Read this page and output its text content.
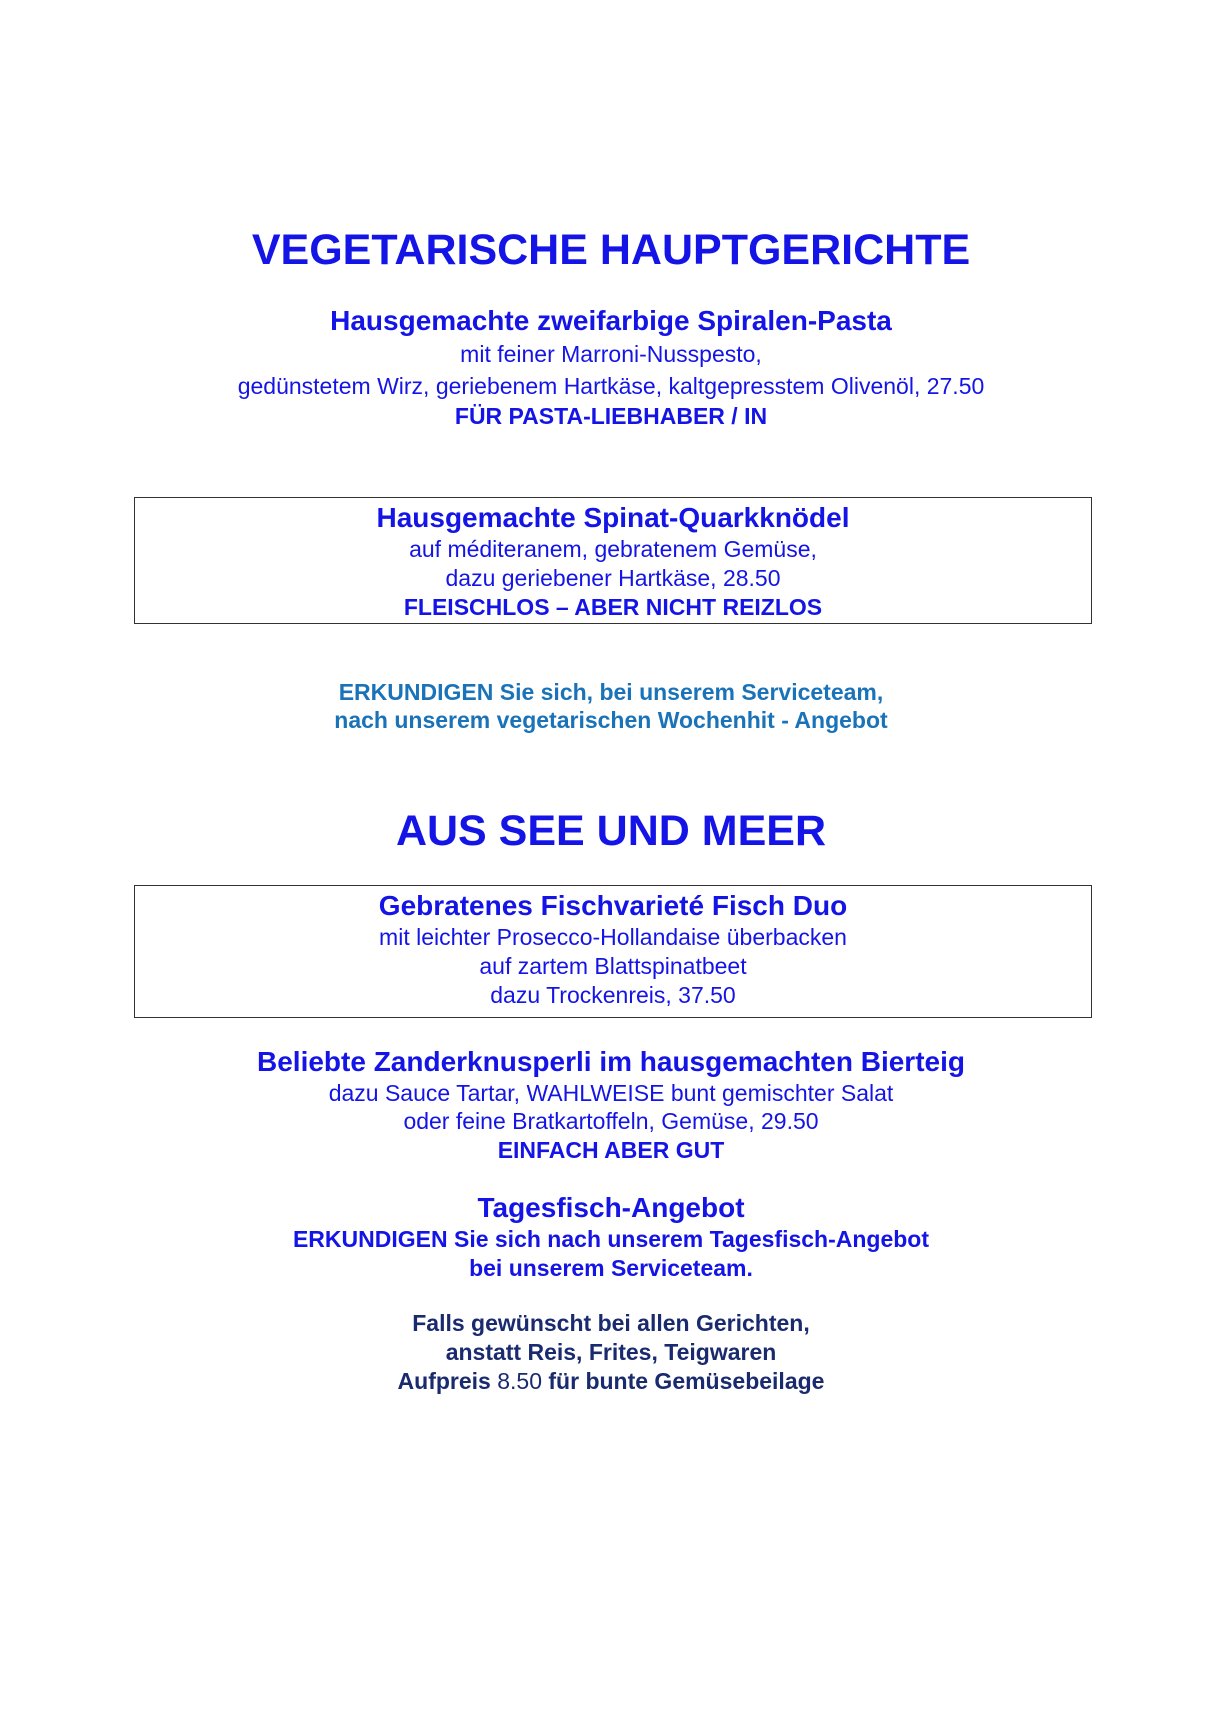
VEGETARISCHE HAUPTGERICHTE
Hausgemachte zweifarbige Spiralen-Pasta
mit feiner Marroni-Nusspesto,
gedünstetem Wirz, geriebenem Hartkäse, kaltgepresstem Olivenöl, 27.50
FÜR PASTA-LIEBHABER / IN
Hausgemachte Spinat-Quarkknödel
auf méditeranem, gebratenem Gemüse,
dazu geriebener Hartkäse, 28.50
FLEISCHLOS – ABER NICHT REIZLOS
ERKUNDIGEN Sie sich, bei unserem Serviceteam,
nach unserem vegetarischen Wochenhit - Angebot
AUS SEE UND MEER
Gebratenes Fischvarieté Fisch Duo
mit leichter Prosecco-Hollandaise überbacken
auf zartem Blattspinatbeet
dazu Trockenreis, 37.50
Beliebte Zanderknusperli im hausgemachten Bierteig
dazu Sauce Tartar, WAHLWEISE bunt gemischter Salat
oder feine Bratkartoffeln, Gemüse, 29.50
EINFACH ABER GUT
Tagesfisch-Angebot
ERKUNDIGEN Sie sich nach unserem Tagesfisch-Angebot
bei unserem Serviceteam.
Falls gewünscht bei allen Gerichten,
anstatt Reis, Frites, Teigwaren
Aufpreis 8.50 für bunte Gemüsebeilage
